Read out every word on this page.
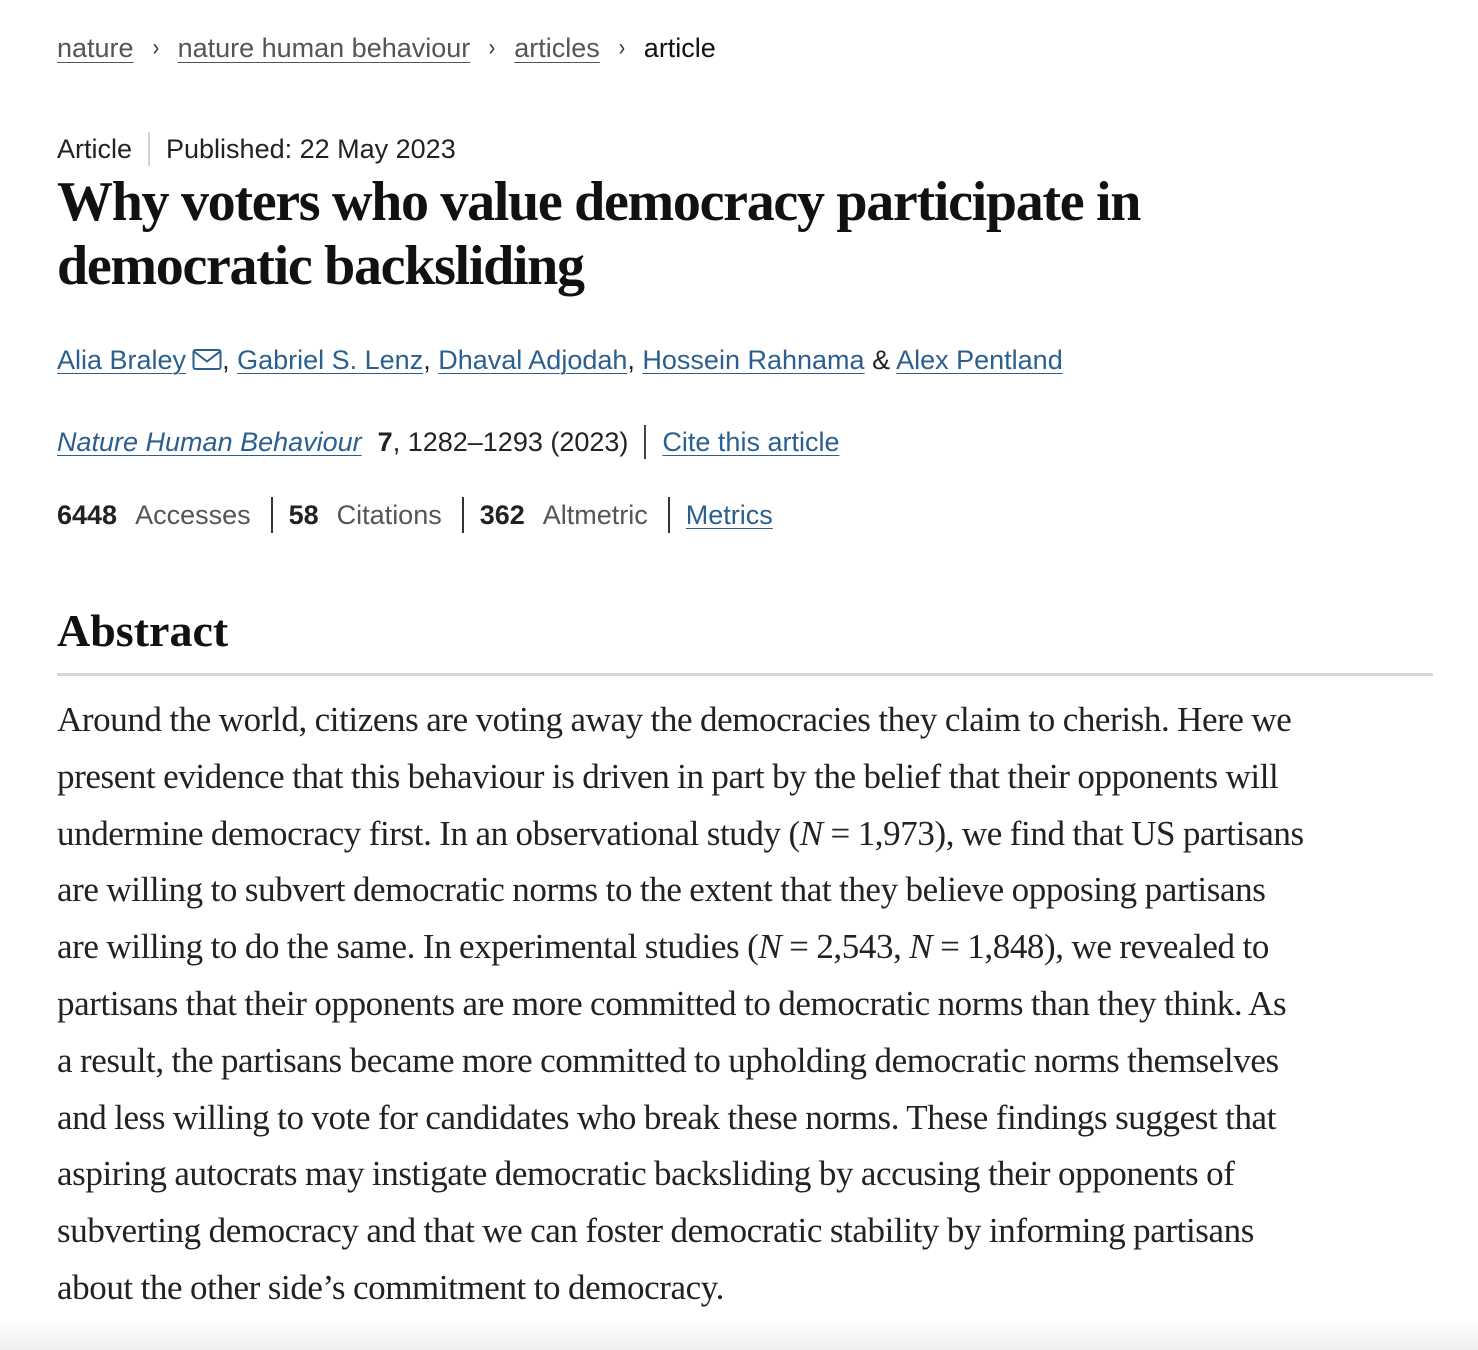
nature › nature human behaviour › articles › article
Article Published: 22 May 2023
Why voters who value democracy participate in
democratic backsliding
Alia Braley , Gabriel S. Lenz, Dhaval Adjodah, Hossein Rahnama & Alex Pentland
Nature Human Behaviour 7 , 1282–1293 (2023) Cite this article
6448 Accesses 58 Citations 362 Altmetric Metrics
Abstract

Around the world, citizens are voting away the democracies they claim to cherish. Here we
present evidence that this behaviour is driven in part by the belief that their opponents will
undermine democracy first. In an observational study (N = 1,973), we find that US partisans
are willing to subvert democratic norms to the extent that they believe opposing partisans
are willing to do the same. In experimental studies (N = 2,543, N = 1,848), we revealed to
partisans that their opponents are more committed to democratic norms than they think. As
a result, the partisans became more committed to upholding democratic norms themselves
and less willing to vote for candidates who break these norms. These findings suggest that
aspiring autocrats may instigate democratic backsliding by accusing their opponents of
subverting democracy and that we can foster democratic stability by informing partisans
about the other side’s commitment to democracy.
